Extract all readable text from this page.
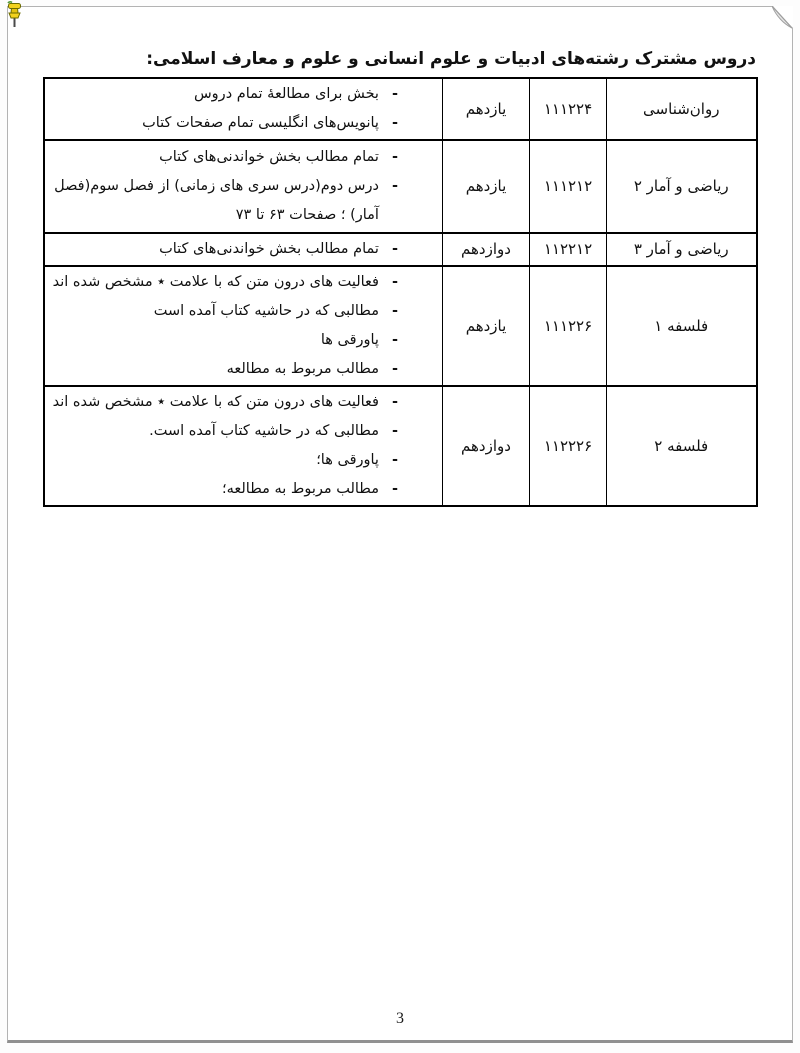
دروس مشترک رشته‌های ادبیات و علوم انسانی و علوم و معارف اسلامی:
روان‌شناسی	۱۱۱۲۲۴	یازدهم	-
بخش برای مطالعهٔ تمام دروس
-
پانویس‌های انگلیسی تمام صفحات کتاب

ریاضی و آمار ۲	۱۱۱۲۱۲	یازدهم	-
تمام مطالب بخش خواندنی‌های کتاب
-
درس دوم(درس سری های زمانی) از فصل سوم(فصل آمار) ؛ صفحات ۶۳ تا ۷۳

ریاضی و آمار ۳	۱۱۲۲۱۲	دوازدهم	-
تمام مطالب بخش خواندنی‌های کتاب

فلسفه ۱	۱۱۱۲۲۶	یازدهم	
-
فعالیت های درون متن که با علامت ٭ مشخص شده اند
-
مطالبی که در حاشیه کتاب آمده است
-
پاورقی ها
-
مطالب مربوط به مطالعه

فلسفه ۲	۱۱۲۲۲۶	دوازدهم	
-
فعالیت های درون متن که با علامت ٭ مشخص شده اند
-
مطالبی که در حاشیه کتاب آمده است.
-
پاورقی ها؛
-
مطالب مربوط به مطالعه؛
3
